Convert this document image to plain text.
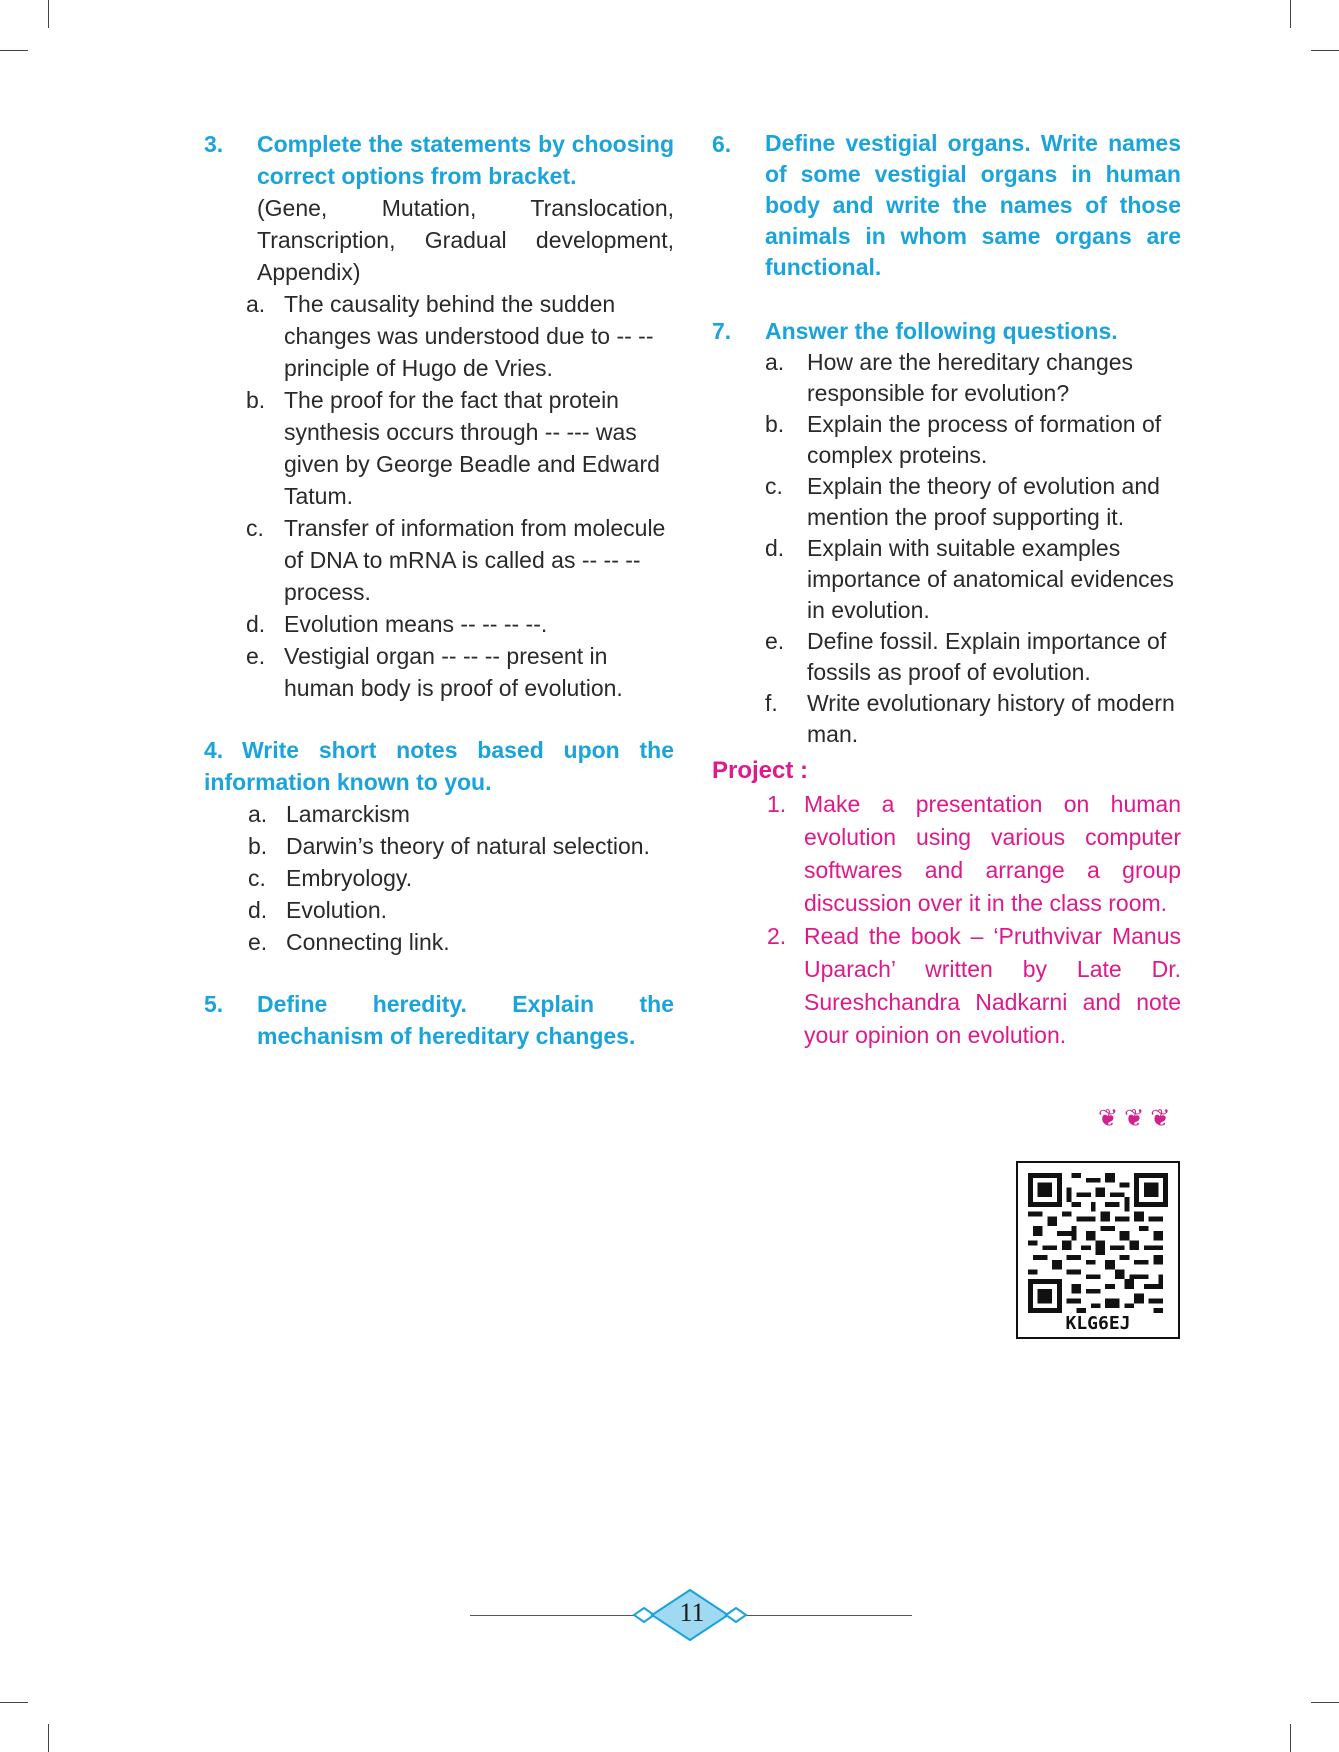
3. Complete the statements by choosing correct options from bracket.
(Gene, Mutation, Translocation, Transcription, Gradual development, Appendix)
a. The causality behind the sudden changes was understood due to -- -- principle of Hugo de Vries.
b. The proof for the fact that protein synthesis occurs through -- --- was given by George Beadle and Edward Tatum.
c. Transfer of information from molecule of DNA to mRNA is called as -- -- -- process.
d. Evolution means -- -- -- --.
e. Vestigial organ -- -- -- present in human body is proof of evolution.
4. Write short notes based upon the information known to you.
a. Lamarckism
b. Darwin’s theory of natural selection.
c. Embryology.
d. Evolution.
e. Connecting link.
5. Define heredity. Explain the mechanism of hereditary changes.
6. Define vestigial organs. Write names of some vestigial organs in human body and write the names of those animals in whom same organs are functional.
7. Answer the following questions.
a. How are the hereditary changes responsible for evolution?
b. Explain the process of formation of complex proteins.
c. Explain the theory of evolution and mention the proof supporting it.
d. Explain with suitable examples importance of anatomical evidences in evolution.
e. Define fossil. Explain importance of fossils as proof of evolution.
f. Write evolutionary history of modern man.
Project :
1. Make a presentation on human evolution using various computer softwares and arrange a group discussion over it in the class room.
2. Read the book – ‘Pruthvivar Manus Uparach’ written by Late Dr. Sureshchandra Nadkarni and note your opinion on evolution.
❦❦❦
KLG6EJ
11
